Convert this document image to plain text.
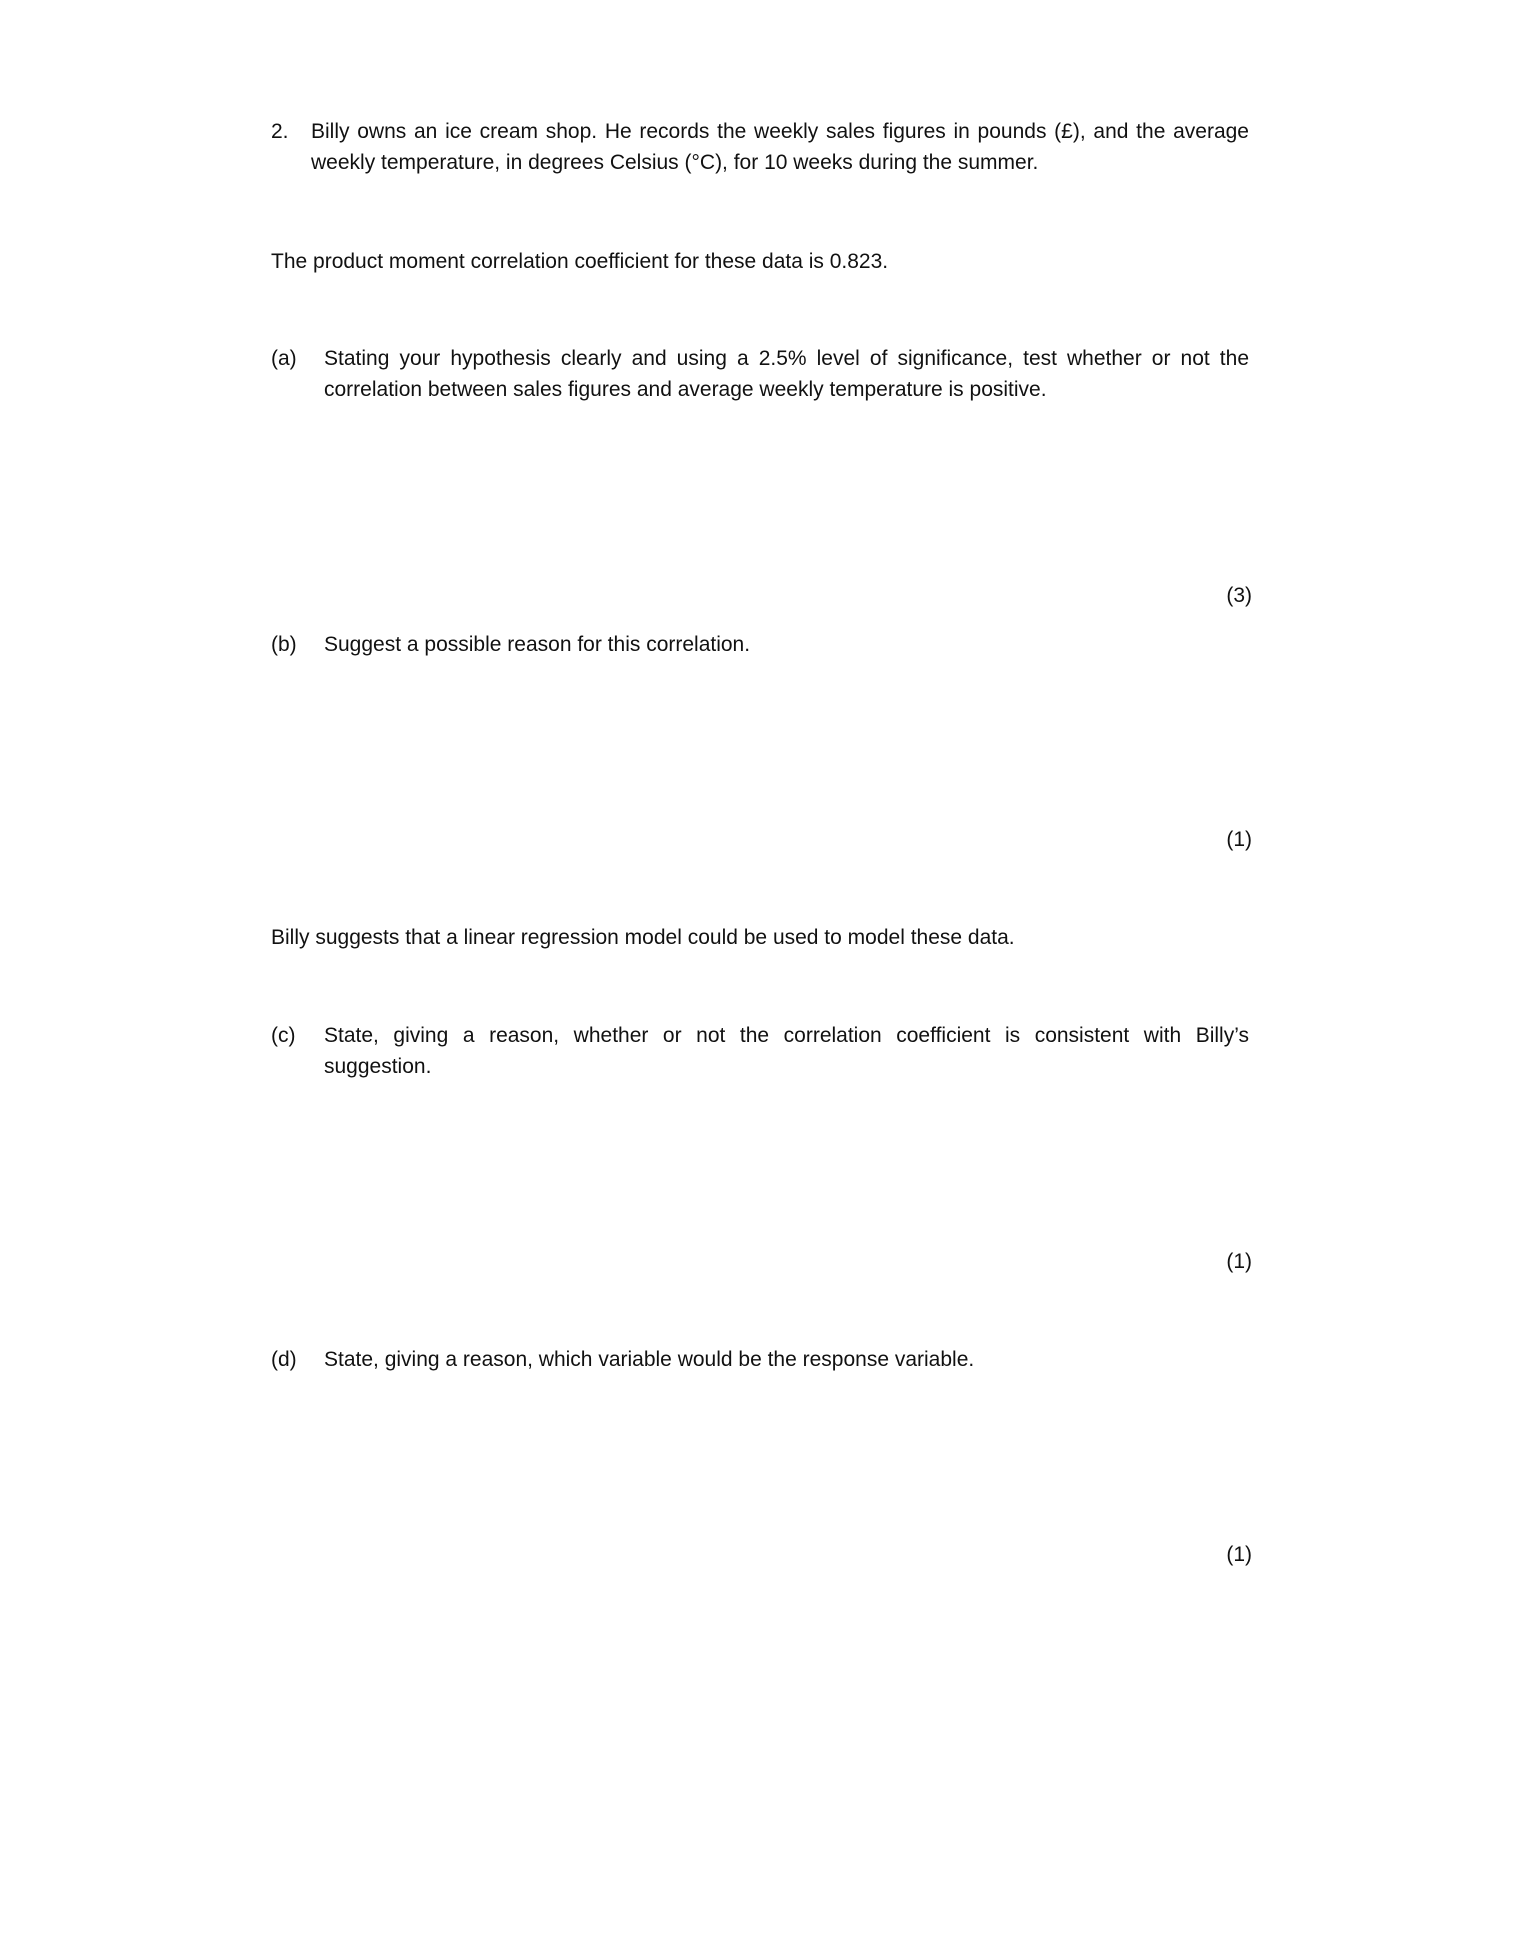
2. Billy owns an ice cream shop. He records the weekly sales figures in pounds (£), and the average
weekly temperature, in degrees Celsius (°C), for 10 weeks during the summer.
The product moment correlation coefficient for these data is 0.823.
(a) Stating your hypothesis clearly and using a 2.5% level of significance, test whether or not the
correlation between sales figures and average weekly temperature is positive.
(3)
(b) Suggest a possible reason for this correlation.
(1)
Billy suggests that a linear regression model could be used to model these data.
(c) State, giving a reason, whether or not the correlation coefficient is consistent with Billy’s
suggestion.
(1)
(d) State, giving a reason, which variable would be the response variable.
(1)
